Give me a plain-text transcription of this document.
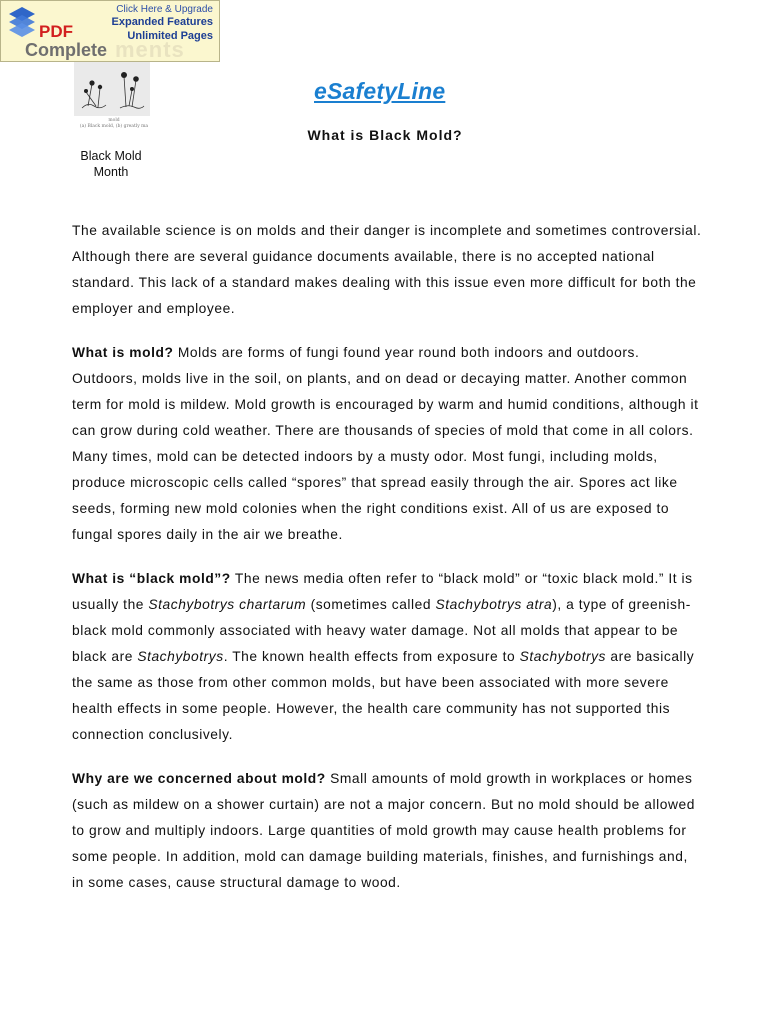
PDF
ments
Complete
Click Here & Upgrade
Expanded Features
Unlimited Pages
mold
(a) Black mold, (b) greatly ma
Black Mold
Month
eSafetyLine
What is Black Mold?

The available science is on molds and their danger is incomplete and sometimes controversial. Although there are several guidance documents available, there is no accepted national standard. This lack of a standard makes dealing with this issue even more difficult for both the employer and employee.

What is mold? Molds are forms of fungi found year round both indoors and outdoors. Outdoors, molds live in the soil, on plants, and on dead or decaying matter. Another common term for mold is mildew. Mold growth is encouraged by warm and humid conditions, although it can grow during cold weather. There are thousands of species of mold that come in all colors. Many times, mold can be detected indoors by a musty odor. Most fungi, including molds, produce microscopic cells called “spores” that spread easily through the air. Spores act like seeds, forming new mold colonies when the right conditions exist. All of us are exposed to fungal spores daily in the air we breathe.

What is “black mold”? The news media often refer to “black mold” or “toxic black mold.” It is usually the Stachybotrys chartarum (sometimes called Stachybotrys atra), a type of greenish-black mold commonly associated with heavy water damage. Not all molds that appear to be black are Stachybotrys. The known health effects from exposure to Stachybotrys are basically the same as those from other common molds, but have been associated with more severe health effects in some people. However, the health care community has not supported this connection conclusively.

Why are we concerned about mold? Small amounts of mold growth in workplaces or homes (such as mildew on a shower curtain) are not a major concern. But no mold should be allowed to grow and multiply indoors. Large quantities of mold growth may cause health problems for some people. In addition, mold can damage building materials, finishes, and furnishings and, in some cases, cause structural damage to wood.
